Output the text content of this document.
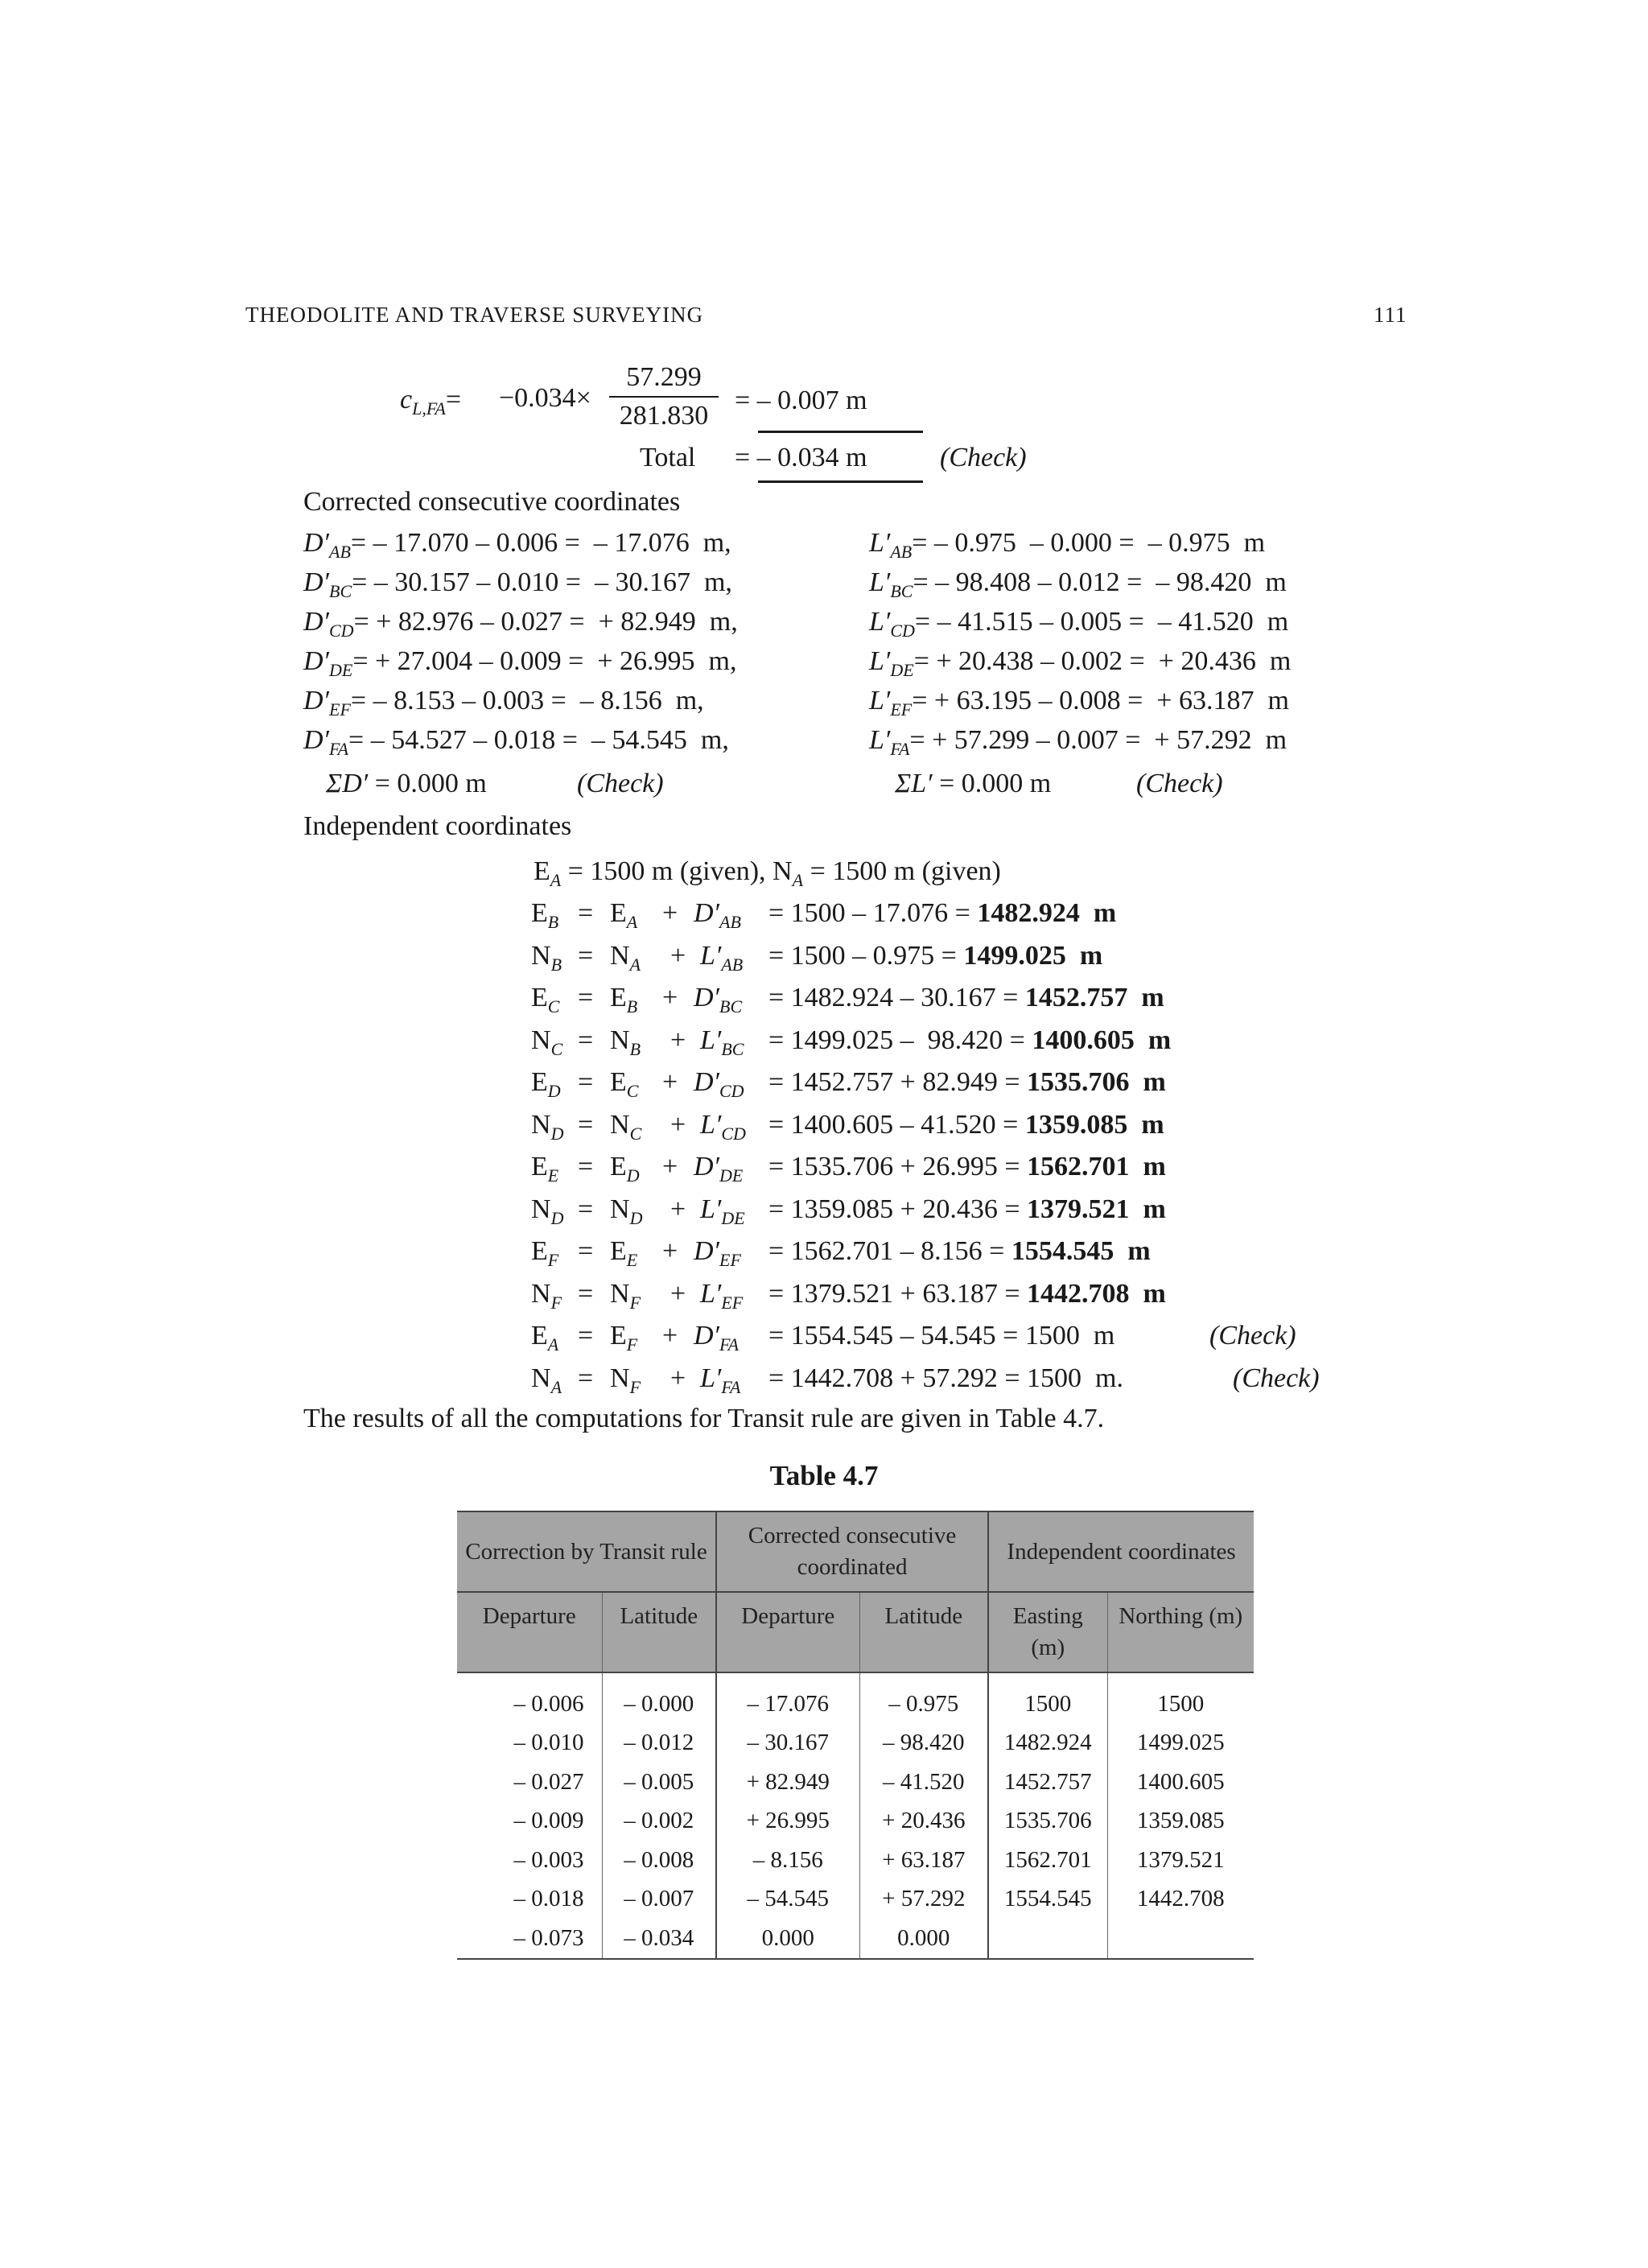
THEODOLITE AND TRAVERSE SURVEYING	111
$c_{L,FA}= -0.034\times \frac{57.299}{281.830}$ = – 0.007 m
Total = – 0.034 m	(Check)
Corrected consecutive coordinates
$D'_{AB}= - 17.070 - 0.006$ =  – 17.076  m,
$D'_{BC}= - 30.157 - 0.010$ =  – 30.167  m,
$D'_{CD}= + 82.976 - 0.027$ =  + 82.949  m,
$D'_{DE}= + 27.004 - 0.009$ =  + 26.995  m,
$D'_{EF}= - 8.153 - 0.003$ =  – 8.156  m,
$D'_{FA}= - 54.527 - 0.018$ =  – 54.545  m,
$L'_{AB}= - 0.975 - 0.000$ =  – 0.975  m
$L'_{BC}= - 98.408 - 0.012$ =  – 98.420  m
$L'_{CD}= - 41.515 - 0.005$ =  – 41.520  m
$L'_{DE}= + 20.438 - 0.002$ =  + 20.436  m
$L'_{EF}= + 63.195 - 0.008$ =  + 63.187  m
$L'_{FA}= + 57.299 - 0.007$ =  + 57.292  m
ΣD′ = 0.000 m	(Check)	ΣL′ = 0.000 m	(Check)
Independent coordinates
$E_A = 1500$ m (given), $N_A = 1500$ m (given)
$E_B = E_A + D'_{AB} = 1500 - 17.076 = 1482.924$  m
$N_B = N_A + L'_{AB} = 1500 - 0.975 = 1499.025$  m
$E_C = E_B + D'_{BC} = 1482.924 - 30.167 = 1452.757$  m
$N_C = N_B + L'_{BC} = 1499.025 - 98.420 = 1400.605$  m
$E_D = E_C + D'_{CD} = 1452.757 + 82.949 = 1535.706$  m
$N_D = N_C + L'_{CD} = 1400.605 - 41.520 = 1359.085$  m
$E_E = E_D + D'_{DE} = 1535.706 + 26.995 = 1562.701$  m
$N_D = N_D + L'_{DE} = 1359.085 + 20.436 = 1379.521$  m
$E_F = E_E + D'_{EF} = 1562.701 - 8.156 = 1554.545$  m
$N_F = N_F + L'_{EF} = 1379.521 + 63.187 = 1442.708$  m
$E_A = E_F + D'_{FA} = 1554.545 - 54.545 = 1500$  m	(Check)
$N_A = N_F + L'_{FA} = 1442.708 + 57.292 = 1500$  m.	(Check)
The results of all the computations for Transit rule are given in Table 4.7.
Table 4.7
Correction by Transit rule		Corrected consecutive coordinated		Independent coordinates	
Departure	Latitude	Departure	Latitude	Easting (m)	Northing (m)
– 0.006	– 0.000	– 17.076	– 0.975	1500	1500
– 0.010	– 0.012	– 30.167	– 98.420	1482.924	1499.025
– 0.027	– 0.005	+ 82.949	– 41.520	1452.757	1400.605
– 0.009	– 0.002	+ 26.995	+ 20.436	1535.706	1359.085
– 0.003	– 0.008	– 8.156	+ 63.187	1562.701	1379.521
– 0.018	– 0.007	– 54.545	+ 57.292	1554.545	1442.708
– 0.073	– 0.034	0.000	0.000		
